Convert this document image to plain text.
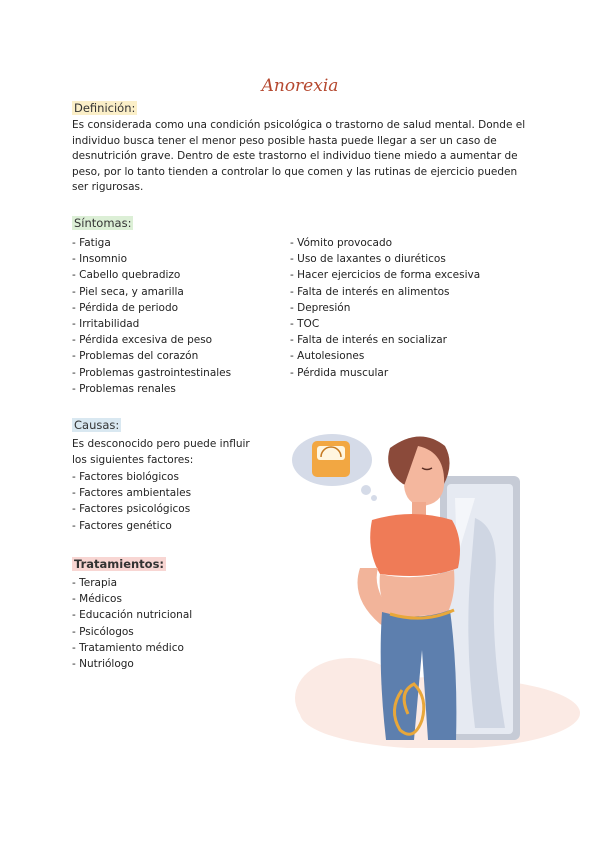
Anorexia
Definición:
Es considerada como una condición psicológica o trastorno de salud mental. Donde el individuo busca tener el menor peso posible hasta puede llegar a ser un caso de desnutrición grave. Dentro de este trastorno el individuo tiene miedo a aumentar de peso, por lo tanto tienden a controlar lo que comen y las rutinas de ejercicio pueden ser rigurosas.
Síntomas:
- Fatiga
- Insomnio
- Cabello quebradizo
- Piel seca, y amarilla
- Pérdida de periodo
- Irritabilidad
- Pérdida excesiva de peso
- Problemas del corazón
- Problemas gastrointestinales
- Problemas renales
- Vómito provocado
- Uso de laxantes o diuréticos
- Hacer ejercicios de forma excesiva
- Falta de interés en alimentos
- Depresión
- TOC
- Falta de interés en socializar
- Autolesiones
- Pérdida muscular
Causas:
Es desconocido pero puede influir
los siguientes factores:
- Factores biológicos
- Factores ambientales
- Factores psicológicos
- Factores genético
Tratamientos:
- Terapia
- Médicos
- Educación nutricional
- Psicólogos
- Tratamiento médico
- Nutriólogo
